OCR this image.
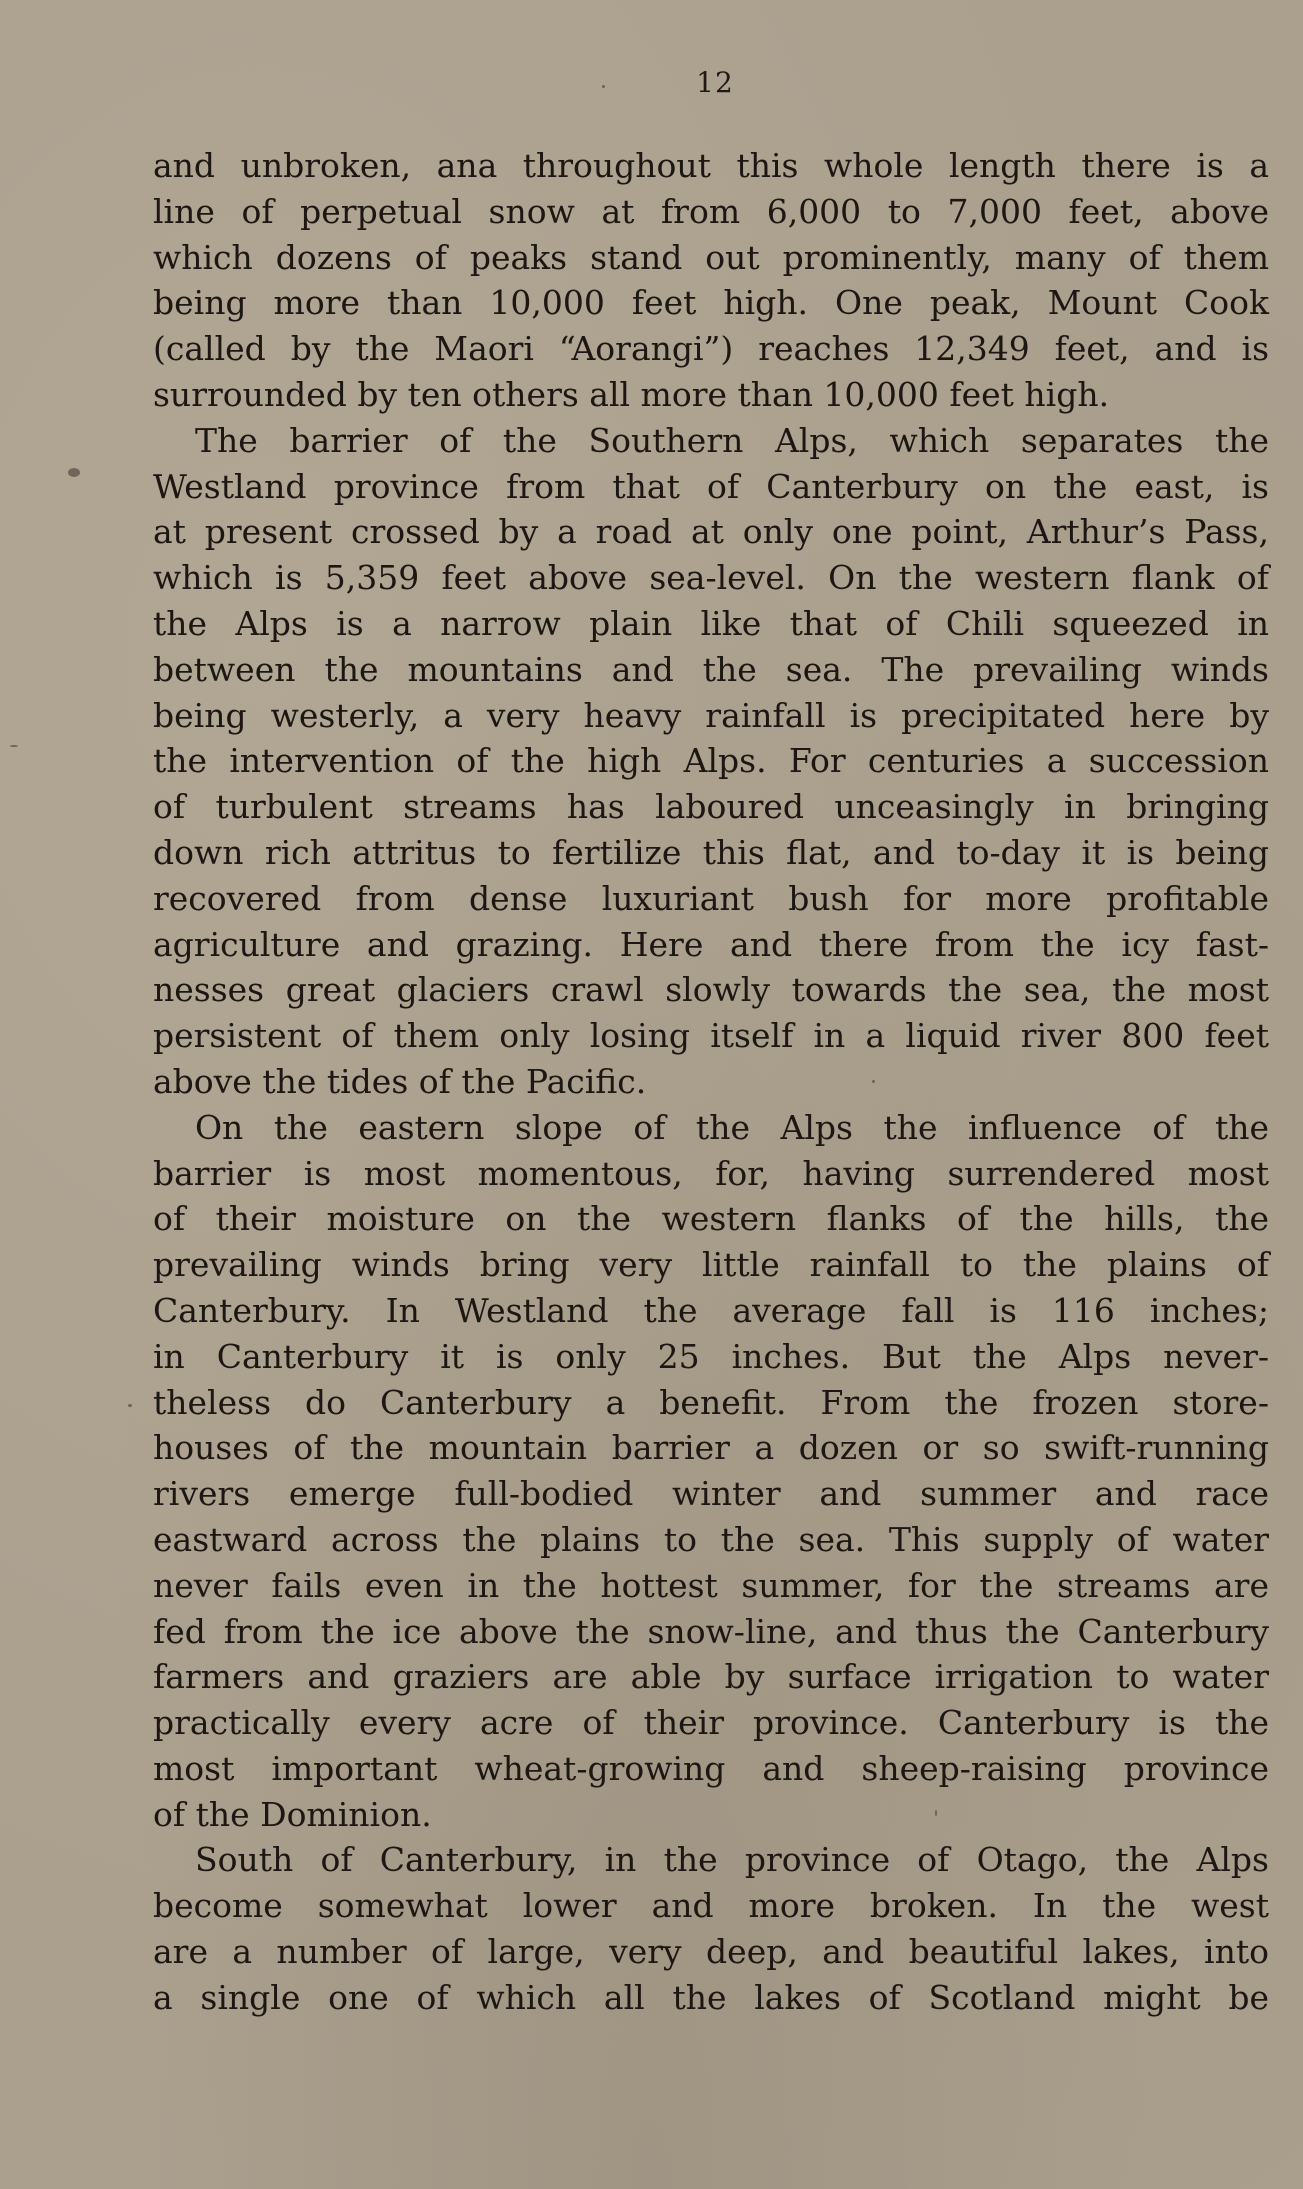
12
and unbroken, ana throughout this whole length there is a
line of perpetual snow at from 6,000 to 7,000 feet, above
which dozens of peaks stand out prominently, many of them
being more than 10,000 feet high. One peak, Mount Cook
(called by the Maori “Aorangi”) reaches 12,349 feet, and is
surrounded by ten others all more than 10,000 feet high.
The barrier of the Southern Alps, which separates the
Westland province from that of Canterbury on the east, is
at present crossed by a road at only one point, Arthur’s Pass,
which is 5,359 feet above sea-level. On the western flank of
the Alps is a narrow plain like that of Chili squeezed in
between the mountains and the sea. The prevailing winds
being westerly, a very heavy rainfall is precipitated here by
the intervention of the high Alps. For centuries a succession
of turbulent streams has laboured unceasingly in bringing
down rich attritus to fertilize this flat, and to-day it is being
recovered from dense luxuriant bush for more profitable
agriculture and grazing. Here and there from the icy fast-
nesses great glaciers crawl slowly towards the sea, the most
persistent of them only losing itself in a liquid river 800 feet
above the tides of the Pacific.
On the eastern slope of the Alps the influence of the
barrier is most momentous, for, having surrendered most
of their moisture on the western flanks of the hills, the
prevailing winds bring very little rainfall to the plains of
Canterbury. In Westland the average fall is 116 inches;
in Canterbury it is only 25 inches. But the Alps never-
theless do Canterbury a benefit. From the frozen store-
houses of the mountain barrier a dozen or so swift-running
rivers emerge full-bodied winter and summer and race
eastward across the plains to the sea. This supply of water
never fails even in the hottest summer, for the streams are
fed from the ice above the snow-line, and thus the Canterbury
farmers and graziers are able by surface irrigation to water
practically every acre of their province. Canterbury is the
most important wheat-growing and sheep-raising province
of the Dominion.
South of Canterbury, in the province of Otago, the Alps
become somewhat lower and more broken. In the west
are a number of large, very deep, and beautiful lakes, into
a single one of which all the lakes of Scotland might be
